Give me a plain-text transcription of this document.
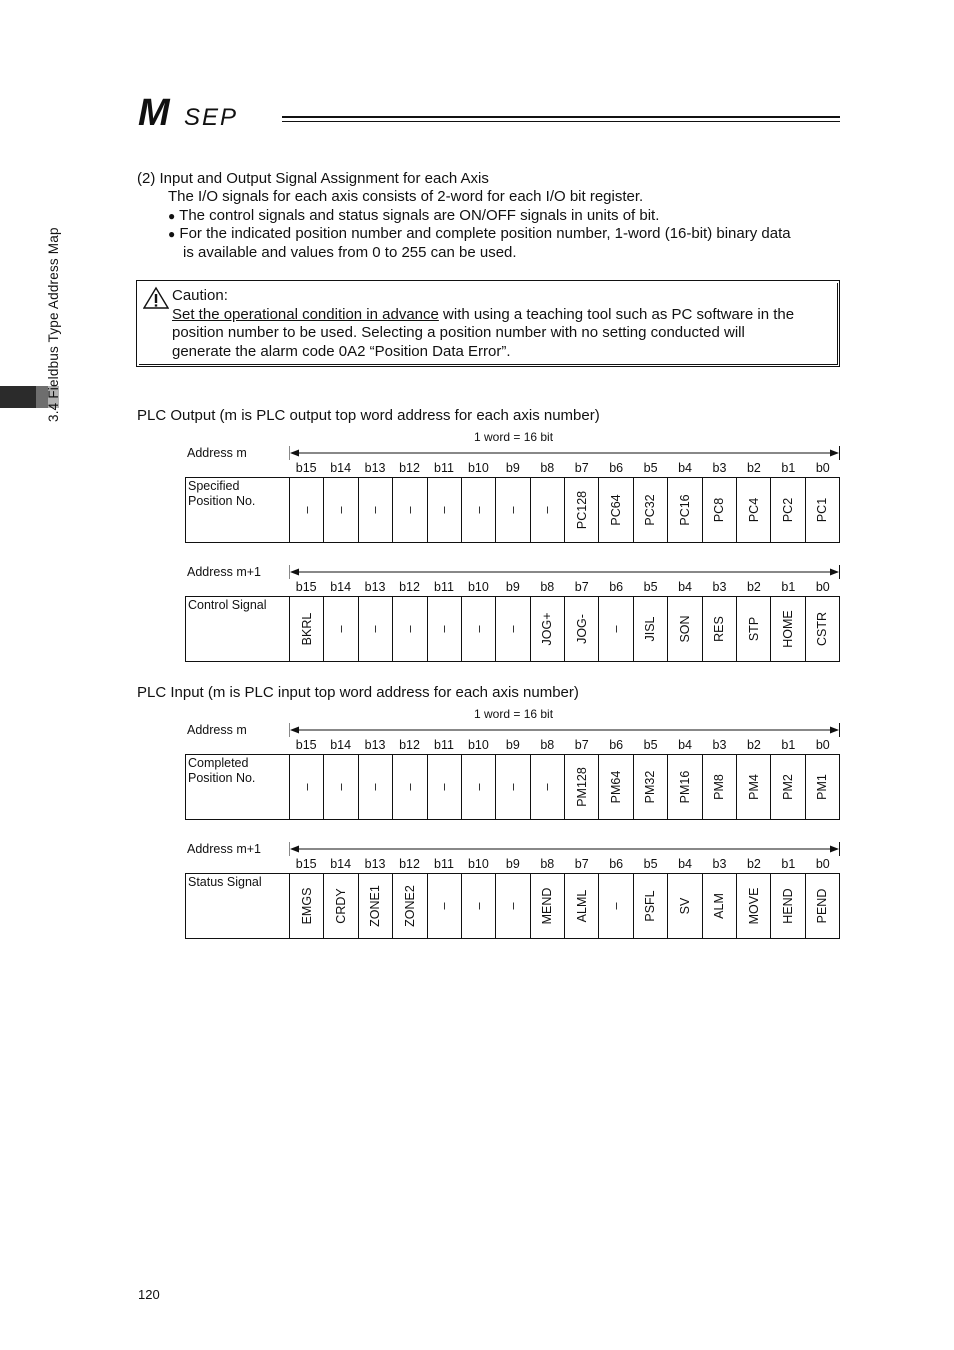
M SEP
3.4 Fieldbus Type Address Map
(2) Input and Output Signal Assignment for each Axis
The I/O signals for each axis consists of 2-word for each I/O bit register.
● The control signals and status signals are ON/OFF signals in units of bit.
● For the indicated position number and complete position number, 1-word (16-bit) binary data
is available and values from 0 to 255 can be used.
Caution:
Set the operational condition in advance with using a teaching tool such as PC software in the
position number to be used. Selecting a position number with no setting conducted will
generate the alarm code 0A2 “Position Data Error”.
PLC Output (m is PLC output top word address for each axis number)
1 word = 16 bit
Address m
b15	b14	b13	b12	b11	b10	b9	b8	b7	b6	b5	b4	b3	b2	b1	b0
Specified
Position No.
– – – – – – – – PC128 PC64 PC32 PC16 PC8 PC4 PC2 PC1
Address m+1
b15	b14	b13	b12	b11	b10	b9	b8	b7	b6	b5	b4	b3	b2	b1	b0
Control Signal
BKRL – – – – – – JOG+ JOG- – JISL SON RES STP HOME CSTR
PLC Input (m is PLC input top word address for each axis number)
1 word = 16 bit
Address m
b15	b14	b13	b12	b11	b10	b9	b8	b7	b6	b5	b4	b3	b2	b1	b0
Completed
Position No.
– – – – – – – – PM128 PM64 PM32 PM16 PM8 PM4 PM2 PM1
Address m+1
b15	b14	b13	b12	b11	b10	b9	b8	b7	b6	b5	b4	b3	b2	b1	b0
Status Signal
EMGS CRDY ZONE1 ZONE2 – – – MEND ALML – PSFL SV ALM MOVE HEND PEND
120
